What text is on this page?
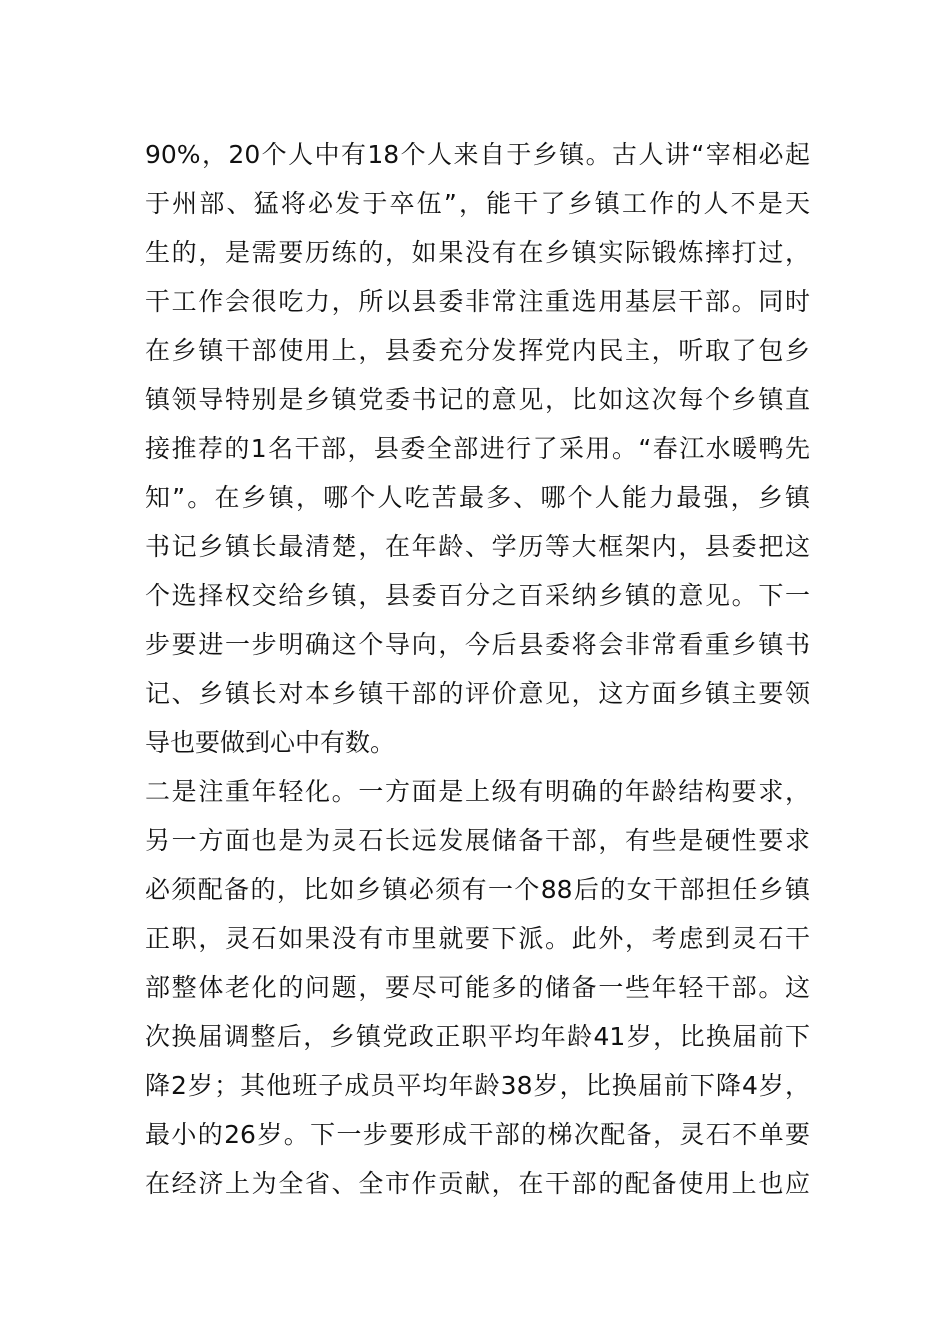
90%，20个人中有18个人来自于乡镇。古人讲“宰相必起
于州部、猛将必发于卒伍”，能干了乡镇工作的人不是天
生的，是需要历练的，如果没有在乡镇实际锻炼摔打过，
干工作会很吃力，所以县委非常注重选用基层干部。同时
在乡镇干部使用上，县委充分发挥党内民主，听取了包乡
镇领导特别是乡镇党委书记的意见，比如这次每个乡镇直
接推荐的1名干部，县委全部进行了采用。“春江水暖鸭先
知”。在乡镇，哪个人吃苦最多、哪个人能力最强，乡镇
书记乡镇长最清楚，在年龄、学历等大框架内，县委把这
个选择权交给乡镇，县委百分之百采纳乡镇的意见。下一
步要进一步明确这个导向，今后县委将会非常看重乡镇书
记、乡镇长对本乡镇干部的评价意见，这方面乡镇主要领
导也要做到心中有数。
二是注重年轻化。一方面是上级有明确的年龄结构要求，
另一方面也是为灵石长远发展储备干部，有些是硬性要求
必须配备的，比如乡镇必须有一个88后的女干部担任乡镇
正职，灵石如果没有市里就要下派。此外，考虑到灵石干
部整体老化的问题，要尽可能多的储备一些年轻干部。这
次换届调整后，乡镇党政正职平均年龄41岁，比换届前下
降2岁；其他班子成员平均年龄38岁，比换届前下降4岁，
最小的26岁。下一步要形成干部的梯次配备，灵石不单要
在经济上为全省、全市作贡献，在干部的配备使用上也应
